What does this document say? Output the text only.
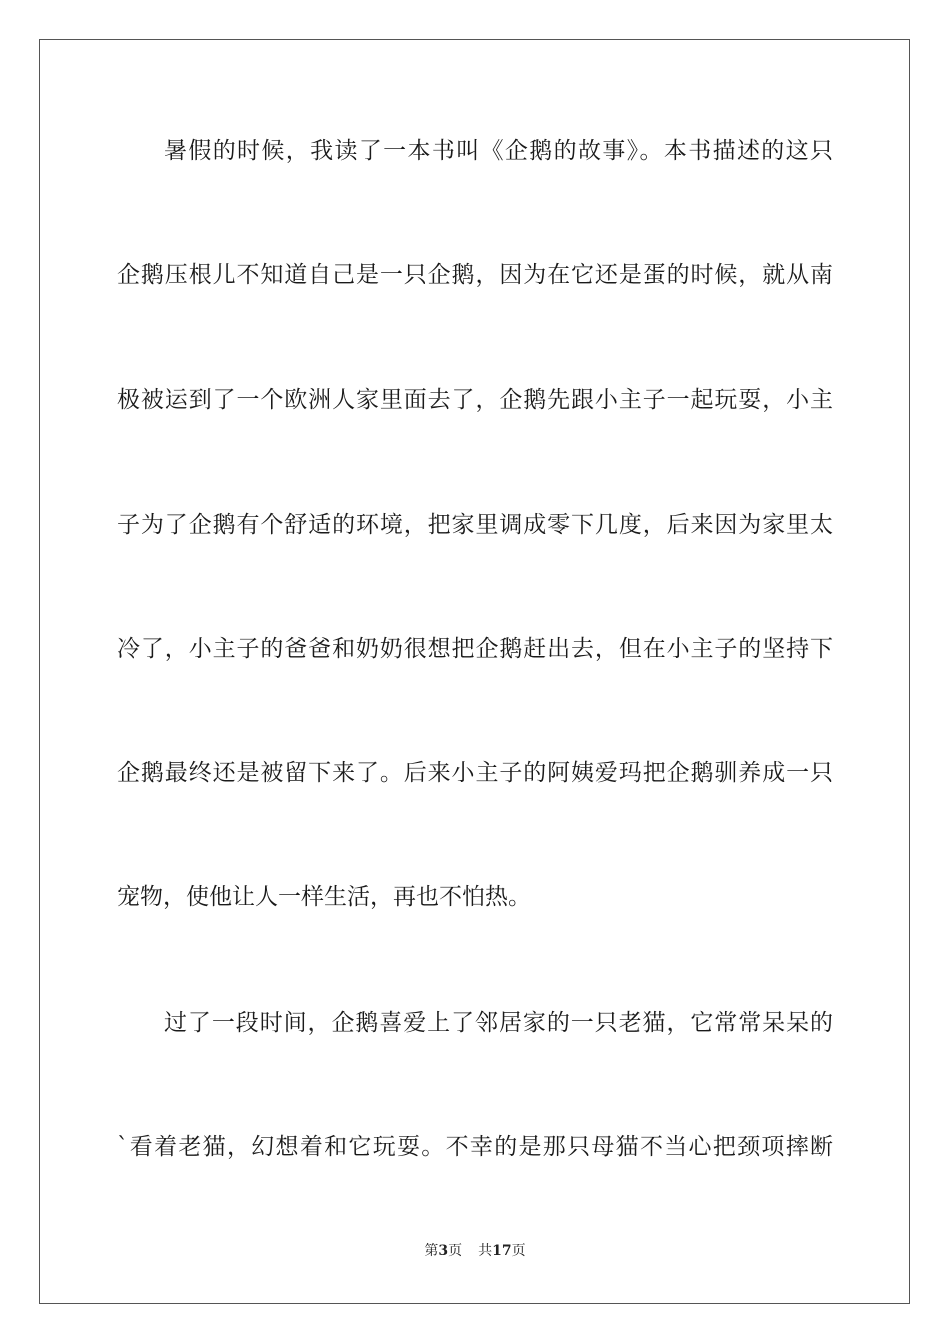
暑假的时候，我读了一本书叫《企鹅的故事》。本书描述的这只
企鹅压根儿不知道自己是一只企鹅，因为在它还是蛋的时候，就从南
极被运到了一个欧洲人家里面去了，企鹅先跟小主子一起玩耍，小主
子为了企鹅有个舒适的环境，把家里调成零下几度，后来因为家里太
冷了，小主子的爸爸和奶奶很想把企鹅赶出去，但在小主子的坚持下
企鹅最终还是被留下来了。后来小主子的阿姨爱玛把企鹅驯养成一只
宠物，使他让人一样生活，再也不怕热。
过了一段时间，企鹅喜爱上了邻居家的一只老猫，它常常呆呆的
`看着老猫，幻想着和它玩耍。不幸的是那只母猫不当心把颈项摔断
第3页 共17页
